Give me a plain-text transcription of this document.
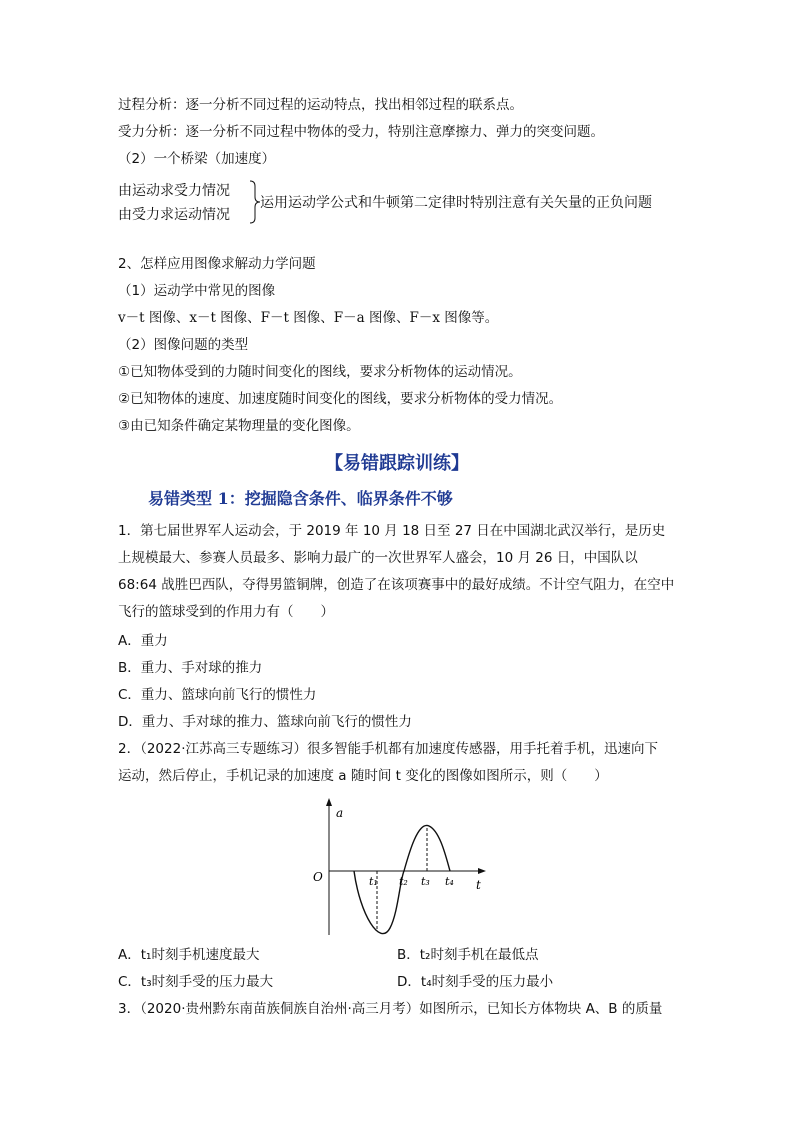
过程分析：逐一分析不同过程的运动特点，找出相邻过程的联系点。
受力分析：逐一分析不同过程中物体的受力，特别注意摩擦力、弹力的突变问题。
（2）一个桥梁（加速度）
由运动求受力情况
由受力求运动情况
运用运动学公式和牛顿第二定律时特别注意有关矢量的正负问题
2、怎样应用图像求解动力学问题
（1）运动学中常见的图像
v－t 图像、x－t 图像、F－t 图像、F－a 图像、F－x 图像等。
（2）图像问题的类型
①已知物体受到的力随时间变化的图线，要求分析物体的运动情况。
②已知物体的速度、加速度随时间变化的图线，要求分析物体的受力情况。
③由已知条件确定某物理量的变化图像。
【易错跟踪训练】
易错类型 1：挖掘隐含条件、临界条件不够
1．第七届世界军人运动会，于 2019 年 10 月 18 日至 27 日在中国湖北武汉举行，是历史上规模最大、参赛人员最多、影响力最广的一次世界军人盛会，10 月 26 日，中国队以 68:64 战胜巴西队，夺得男篮铜牌，创造了在该项赛事中的最好成绩。不计空气阻力，在空中飞行的篮球受到的作用力有（　　）
A．重力
B．重力、手对球的推力
C．重力、篮球向前飞行的惯性力
D．重力、手对球的推力、篮球向前飞行的惯性力
2．（2022·江苏高三专题练习）很多智能手机都有加速度传感器，用手托着手机，迅速向下
运动，然后停止，手机记录的加速度 a 随时间 t 变化的图像如图所示，则（　　）
a
O
t
t₁ t₂ t₃ t₄
A．t₁时刻手机速度最大	B．t₂时刻手机在最低点
C．t₃时刻手受的压力最大	D．t₄时刻手受的压力最小
3．（2020·贵州黔东南苗族侗族自治州·高三月考）如图所示，已知长方体物块 A、B 的质量
